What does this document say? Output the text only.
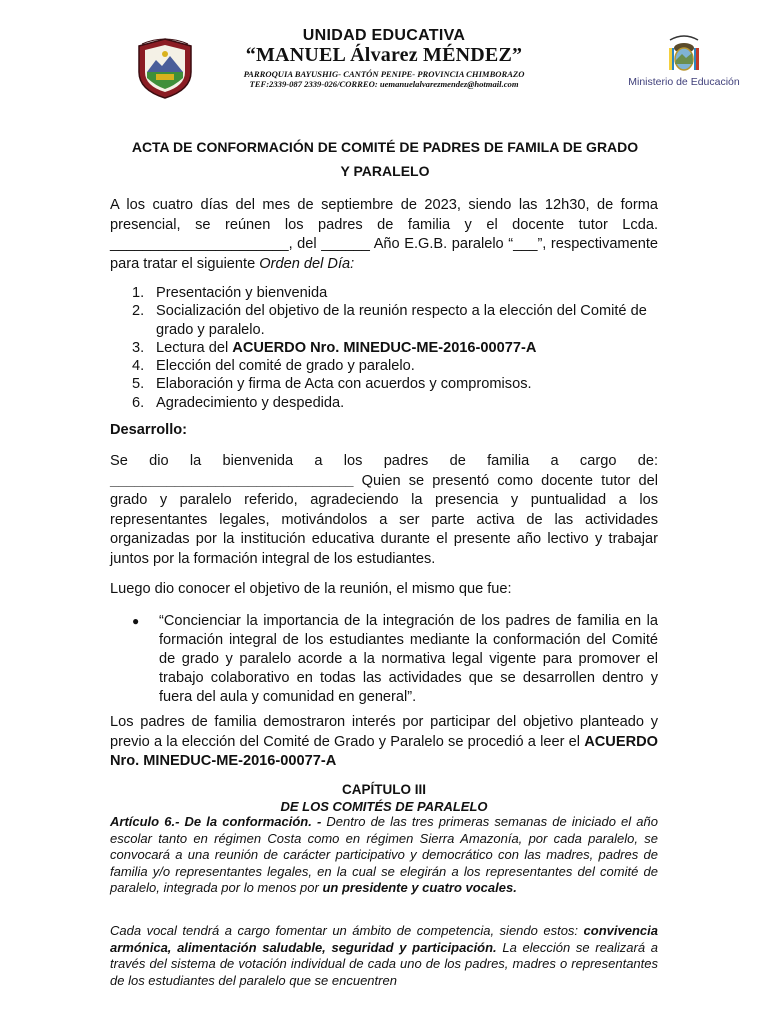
UNIDAD EDUCATIVA
“MANUEL Álvarez MÉNDEZ”
PARROQUIA BAYUSHIG- CANTÓN PENIPE- PROVINCIA CHIMBORAZO
TEF:2339-087 2339-026/CORREO: uemanuelalvarezmendez@hotmail.com	Ministerio de Educación
ACTA DE CONFORMACIÓN DE COMITÉ DE PADRES DE FAMILA DE GRADO
Y PARALELO
A los cuatro días del mes de septiembre de 2023, siendo las 12h30, de forma presencial, se reúnen los padres de familia y el docente tutor Lcda. ______________________, del ______ Año E.G.B. paralelo “___”, respectivamente para tratar el siguiente Orden del Día:
1. Presentación y bienvenida
2. Socialización del objetivo de la reunión respecto a la elección del Comité de grado y paralelo.
3. Lectura del ACUERDO Nro. MINEDUC-ME-2016-00077-A
4. Elección del comité de grado y paralelo.
5. Elaboración y firma de Acta con acuerdos y compromisos.
6. Agradecimiento y despedida.
Desarrollo:
Se dio la bienvenida a los padres de familia a cargo de: ______________________________ Quien se presentó como docente tutor del grado y paralelo referido, agradeciendo la presencia y puntualidad a los representantes legales, motivándolos a ser parte activa de las actividades organizadas por la institución educativa durante el presente año lectivo y trabajar juntos por la formación integral de los estudiantes.
Luego dio conocer el objetivo de la reunión, el mismo que fue:
● “Concienciar la importancia de la integración de los padres de familia en la formación integral de los estudiantes mediante la conformación del Comité de grado y paralelo acorde a la normativa legal vigente para promover el trabajo colaborativo en todas las actividades que se desarrollen dentro y fuera del aula y comunidad en general”.
Los padres de familia demostraron interés por participar del objetivo planteado y previo a la elección del Comité de Grado y Paralelo se procedió a leer el ACUERDO Nro. MINEDUC-ME-2016-00077-A
CAPÍTULO III
DE LOS COMITÉS DE PARALELO
Artículo 6.- De la conformación. - Dentro de las tres primeras semanas de iniciado el año escolar tanto en régimen Costa como en régimen Sierra Amazonía, por cada paralelo, se convocará a una reunión de carácter participativo y democrático con las madres, padres de familia y/o representantes legales, en la cual se elegirán a los representantes del comité de paralelo, integrada por lo menos por un presidente y cuatro vocales.
Cada vocal tendrá a cargo fomentar un ámbito de competencia, siendo estos: convivencia armónica, alimentación saludable, seguridad y participación. La elección se realizará a través del sistema de votación individual de cada uno de los padres, madres o representantes de los estudiantes del paralelo que se encuentren
